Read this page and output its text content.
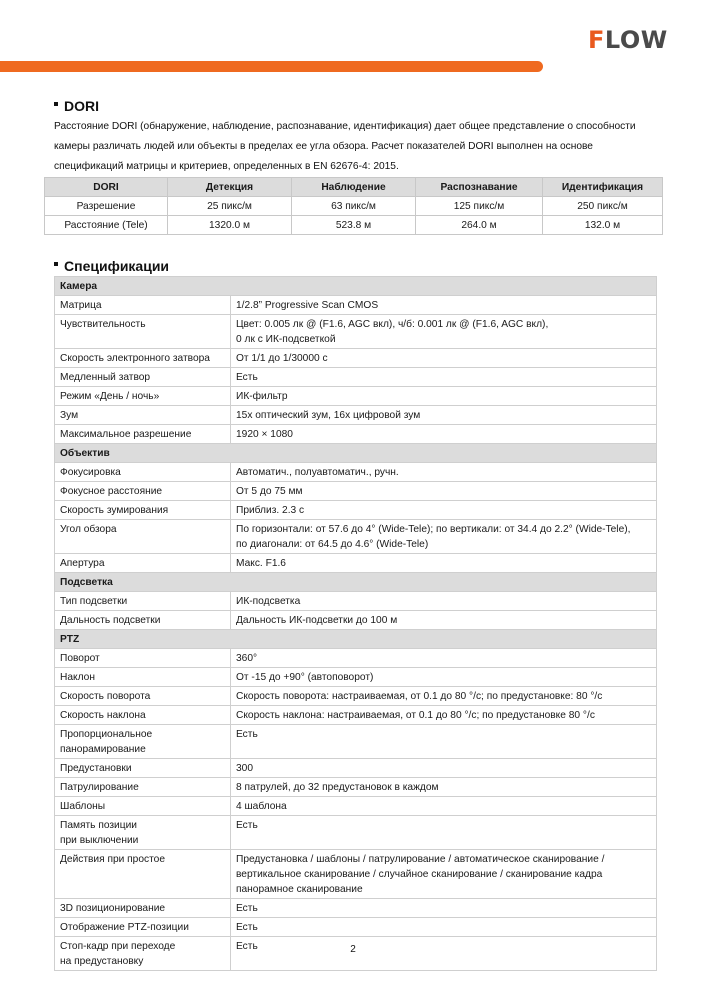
FLOW
DORI
Расстояние DORI (обнаружение, наблюдение, распознавание, идентификация) дает общее представление о способности камеры различать людей или объекты в пределах ее угла обзора. Расчет показателей DORI выполнен на основе спецификаций матрицы и критериев, определенных в EN 62676-4: 2015.
DORI	Детекция	Наблюдение	Распознавание	Идентификация
Разрешение	25 пикс/м	63 пикс/м	125 пикс/м	250 пикс/м
Расстояние (Tele)	1320.0 м	523.8 м	264.0 м	132.0 м
Спецификации
Камера	
Матрица	1/2.8” Progressive Scan CMOS
Чувствительность	Цвет: 0.005 лк @ (F1.6, AGC вкл), ч/б: 0.001 лк @ (F1.6, AGC вкл),
0 лк с ИК-подсветкой
Скорость электронного затвора	От 1/1 до 1/30000 с
Медленный затвор	Есть
Режим «День / ночь»	ИК-фильтр
Зум	15x оптический зум, 16x цифровой зум
Максимальное разрешение	1920 × 1080
Объектив	
Фокусировка	Автоматич., полуавтоматич., ручн.
Фокусное расстояние	От 5 до 75 мм
Скорость зумирования	Приблиз. 2.3 с
Угол обзора	По горизонтали: от 57.6 до 4° (Wide-Tele); по вертикали: от 34.4 до 2.2° (Wide-Tele),
по диагонали: от 64.5 до 4.6° (Wide-Tele)
Апертура	Макс. F1.6
Подсветка	
Тип подсветки	ИК-подсветка
Дальность подсветки	Дальность ИК-подсветки до 100 м
PTZ	
Поворот	360°
Наклон	От -15 до +90° (автоповорот)
Скорость поворота	Скорость поворота: настраиваемая, от 0.1 до 80 °/с; по предустановке: 80 °/с
Скорость наклона	Скорость наклона: настраиваемая, от 0.1 до 80 °/с; по предустановке 80 °/с
Пропорциональное
панорамирование	Есть
Предустановки	300
Патрулирование	8 патрулей, до 32 предустановок в каждом
Шаблоны	4 шаблона
Память позиции
при выключении	Есть
Действия при простое	Предустановка / шаблоны / патрулирование / автоматическое сканирование /
вертикальное сканирование / случайное сканирование / сканирование кадра
панорамное сканирование
3D позиционирование	Есть
Отображение PTZ-позиции	Есть
Стоп-кадр при переходе
на предустановку	Есть	2
